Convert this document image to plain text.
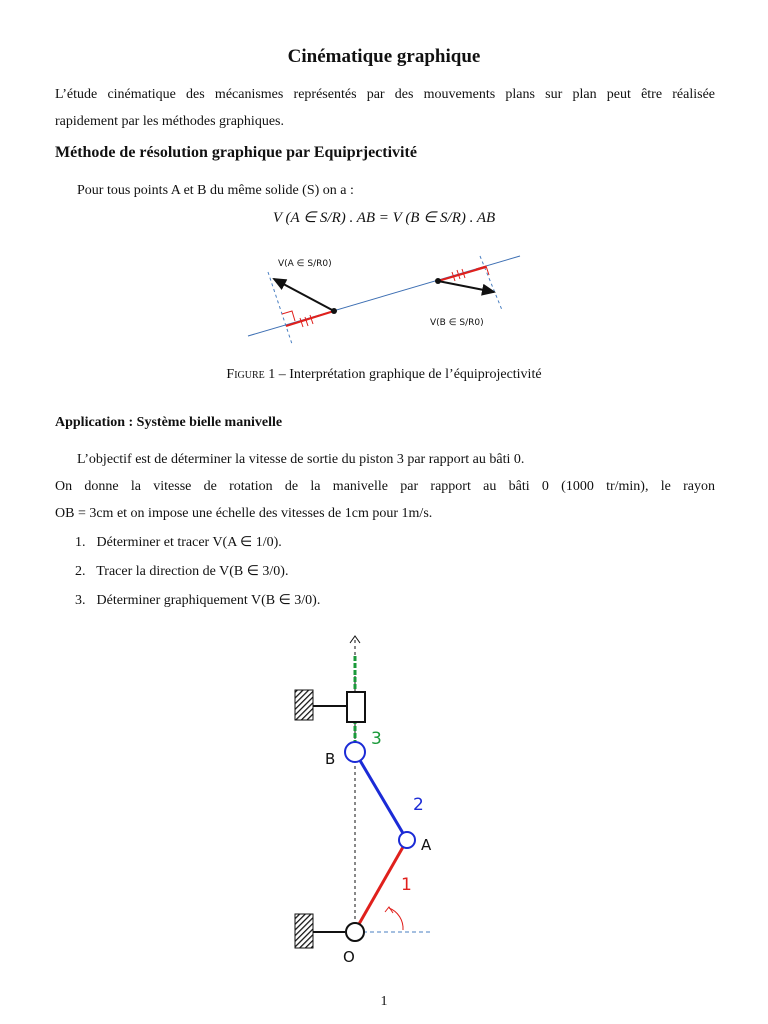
Cinématique graphique
L’étude cinématique des mécanismes représentés par des mouvements plans sur plan peut être réalisée
rapidement par les méthodes graphiques.
Méthode de résolution graphique par Equiprjectivité
Pour tous points A et B du même solide (S) on a :
V (A ∈ S/R) . AB = V (B ∈ S/R) . AB
V(A ∈ S/R0)
V(B ∈ S/R0)
Figure 1 – Interprétation graphique de l’équiprojectivité
Application : Système bielle manivelle
L’objectif est de déterminer la vitesse de sortie du piston 3 par rapport au bâti 0.
On donne la vitesse de rotation de la manivelle par rapport au bâti 0 (1000 tr/min), le rayon
OB = 3cm et on impose une échelle des vitesses de 1cm pour 1m/s.
1. Déterminer et tracer V(A ∈ 1/0).
2. Tracer la direction de V(B ∈ 3/0).
3. Déterminer graphiquement V(B ∈ 3/0).
B
A
O
3
2
1
1
